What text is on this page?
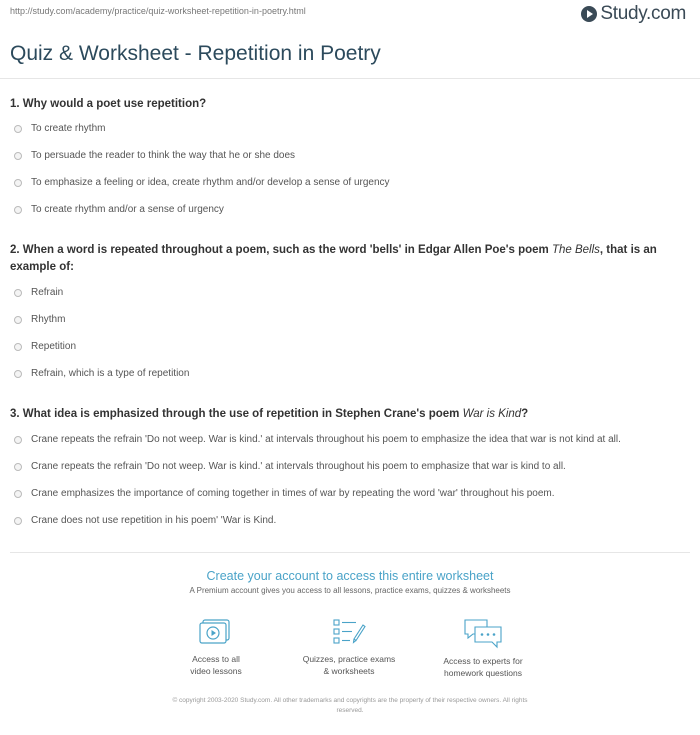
http://study.com/academy/practice/quiz-worksheet-repetition-in-poetry.html	Study.com
Quiz & Worksheet - Repetition in Poetry
1. Why would a poet use repetition?
To create rhythm
To persuade the reader to think the way that he or she does
To emphasize a feeling or idea, create rhythm and/or develop a sense of urgency
To create rhythm and/or a sense of urgency
2. When a word is repeated throughout a poem, such as the word 'bells' in Edgar Allen Poe's poem The Bells, that is an example of:
Refrain
Rhythm
Repetition
Refrain, which is a type of repetition
3. What idea is emphasized through the use of repetition in Stephen Crane's poem War is Kind?
Crane repeats the refrain 'Do not weep. War is kind.' at intervals throughout his poem to emphasize the idea that war is not kind at all.
Crane repeats the refrain 'Do not weep. War is kind.' at intervals throughout his poem to emphasize that war is kind to all.
Crane emphasizes the importance of coming together in times of war by repeating the word 'war' throughout his poem.
Crane does not use repetition in his poem' 'War is Kind.
Create your account to access this entire worksheet
A Premium account gives you access to all lessons, practice exams, quizzes & worksheets
Access to all
video lessons
Quizzes, practice exams
& worksheets
Access to experts for
homework questions
© copyright 2003-2020 Study.com. All other trademarks and copyrights are the property of their respective owners. All rights
reserved.
